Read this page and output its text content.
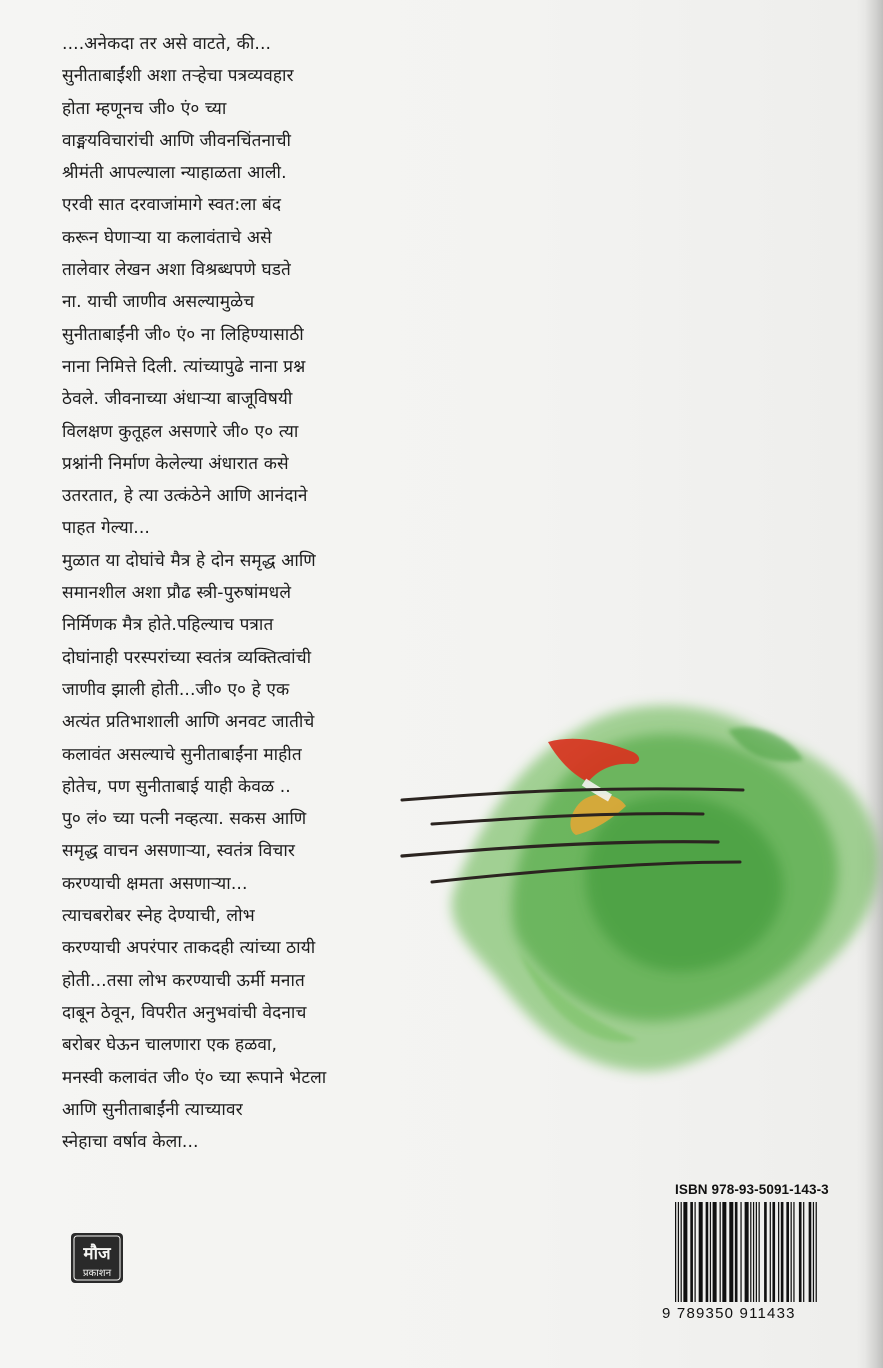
....अनेकदा तर असे वाटते, की...
सुनीताबाईंशी अशा तऱ्हेचा पत्रव्यवहार
होता म्हणूनच जी० एं० च्या
वाङ्मयविचारांची आणि जीवनचिंतनाची
श्रीमंती आपल्याला न्याहाळता आली.
एरवी सात दरवाजांमागे स्वत:ला बंद
करून घेणाऱ्या या कलावंताचे असे
तालेवार लेखन अशा विश्रब्धपणे घडते
ना. याची जाणीव असल्यामुळेच
सुनीताबाईंनी जी० एं० ना लिहिण्यासाठी
नाना निमित्ते दिली. त्यांच्यापुढे नाना प्रश्न
ठेवले. जीवनाच्या अंधाऱ्या बाजूविषयी
विलक्षण कुतूहल असणारे जी० ए० त्या
प्रश्नांनी निर्माण केलेल्या अंधारात कसे
उतरतात, हे त्या उत्कंठेने आणि आनंदाने
पाहत गेल्या...
मुळात या दोघांचे मैत्र हे दोन समृद्ध आणि
समानशील अशा प्रौढ स्त्री-पुरुषांमधले
निर्मिणक मैत्र होते.पहिल्याच पत्रात
दोघांनाही परस्परांच्या स्वतंत्र व्यक्तित्वांची
जाणीव झाली होती...जी० ए० हे एक
अत्यंत प्रतिभाशाली आणि अनवट जातीचे
कलावंत असल्याचे सुनीताबाईंना माहीत
होतेच, पण सुनीताबाई याही केवळ ..
पु० लं० च्या पत्नी नव्हत्या. सकस आणि
समृद्ध वाचन असणाऱ्या, स्वतंत्र विचार
करण्याची क्षमता असणाऱ्या...
त्याचबरोबर स्नेह देण्याची, लोभ
करण्याची अपरंपार ताकदही त्यांच्या ठायी
होती...तसा लोभ करण्याची ऊर्मी मनात
दाबून ठेवून, विपरीत अनुभवांची वेदनाच
बरोबर घेऊन चालणारा एक हळवा,
मनस्वी कलावंत जी० एं० च्या रूपाने भेटला
आणि सुनीताबाईंनी त्याच्यावर
स्नेहाचा वर्षाव केला...
मौज
प्रकाशन
ISBN 978-93-5091-143-3
9 789350 911433
